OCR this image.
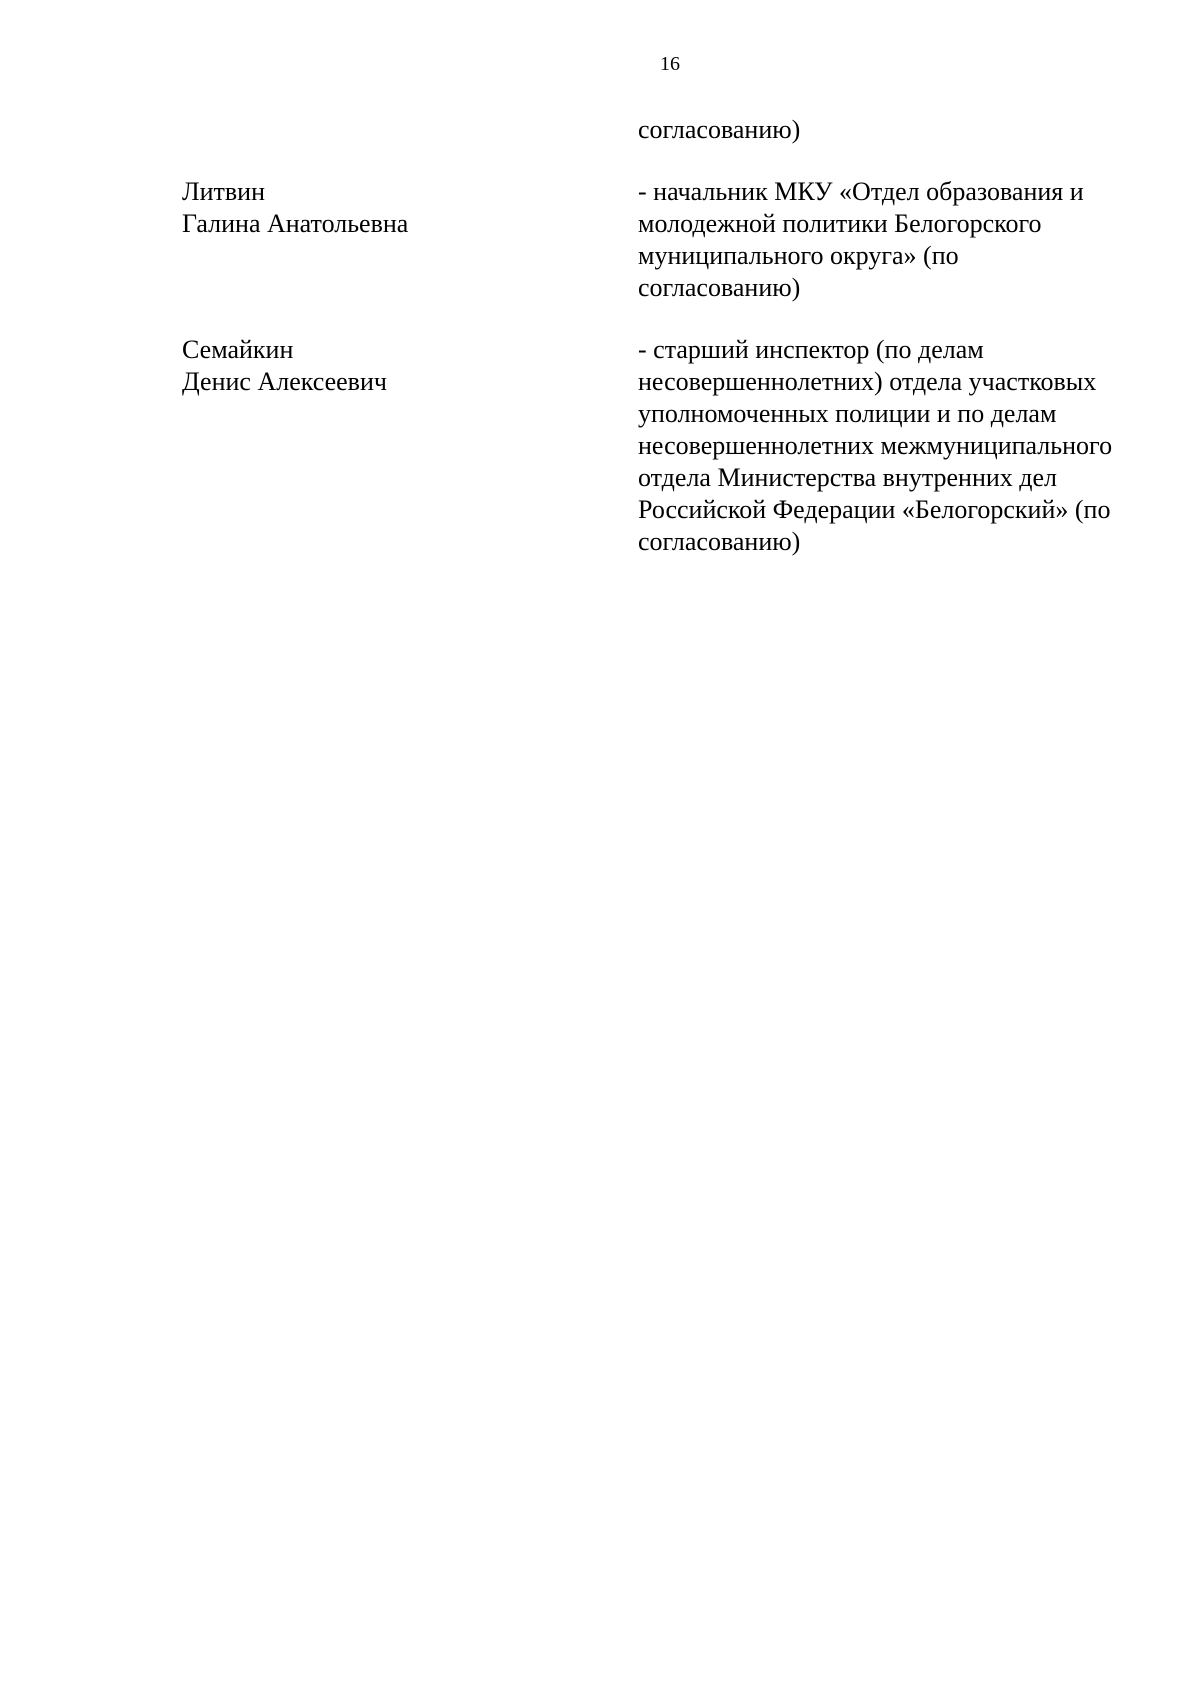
16
согласованию)
Литвин
Галина Анатольевна
- начальник МКУ «Отдел образования и
молодежной политики Белогорского
муниципального округа» (по
согласованию)
Семайкин
Денис Алексеевич
- старший инспектор (по делам
несовершеннолетних) отдела участковых
уполномоченных полиции и по делам
несовершеннолетних межмуниципального
отдела Министерства внутренних дел
Российской Федерации «Белогорский» (по
согласованию)
